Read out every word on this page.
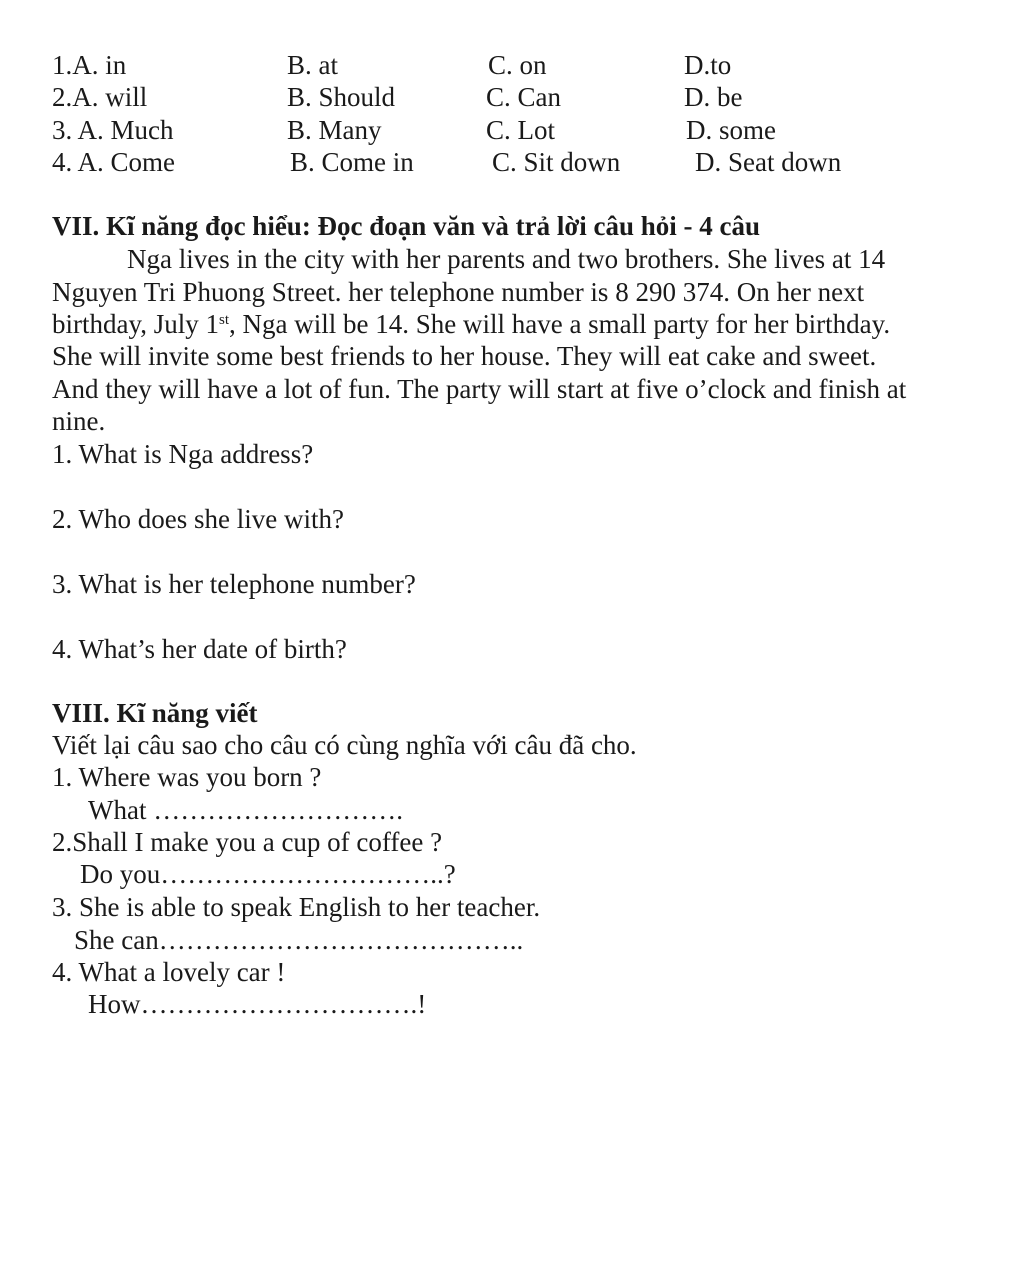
1.A. in	B. at	C. on	D.to
2.A. will	B. Should	C. Can	D. be
3. A. Much	B. Many	C. Lot	D. some
4. A. Come	B. Come in	C. Sit down	D. Seat down
VII. Kĩ năng đọc hiểu: Đọc đoạn văn và trả lời câu hỏi - 4 câu
Nga lives in the city with her parents and two brothers. She lives at 14
Nguyen Tri Phuong Street. her telephone number is 8 290 374. On her next
birthday, July 1st, Nga will be 14. She will have a small party for her birthday.
She will invite some best friends to her house. They will eat cake and sweet.
And they will have a lot of fun. The party will start at five o’clock and finish at
nine.
1. What is Nga address?
2. Who does she live with?
3. What is her telephone number?
4. What’s her date of birth?
VIII. Kĩ năng viết
Viết lại câu sao cho câu có cùng nghĩa với câu đã cho.
1. Where was you born ?
What ……………………….
2.Shall I make you a cup of coffee ?
Do you…………………………..?
3. She is able to speak English to her teacher.
She can…………………………………..
4. What a lovely car !
How………………………….!
